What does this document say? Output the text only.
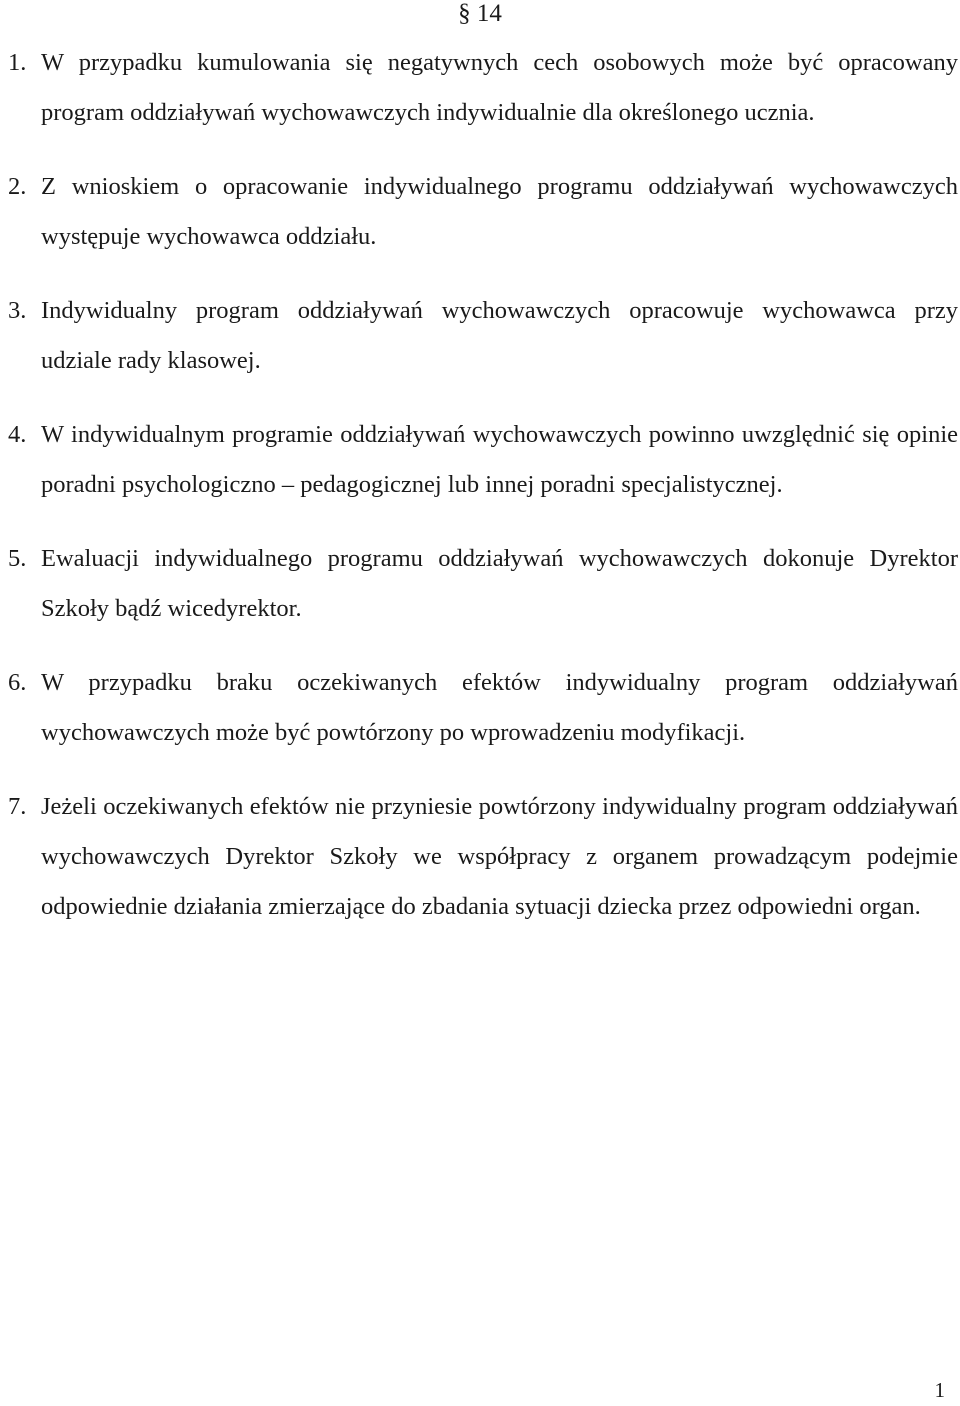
§ 14
1. W przypadku kumulowania się negatywnych cech osobowych może być opracowany program oddziaływań wychowawczych indywidualnie dla określonego ucznia.
2. Z wnioskiem o opracowanie indywidualnego programu oddziaływań wychowawczych występuje wychowawca oddziału.
3. Indywidualny program oddziaływań wychowawczych opracowuje wychowawca przy udziale rady klasowej.
4. W indywidualnym programie oddziaływań wychowawczych powinno uwzględnić się opinie poradni psychologiczno – pedagogicznej lub innej poradni specjalistycznej.
5. Ewaluacji indywidualnego programu oddziaływań wychowawczych dokonuje Dyrektor Szkoły bądź wicedyrektor.
6. W przypadku braku oczekiwanych efektów indywidualny program oddziaływań wychowawczych może być powtórzony po wprowadzeniu modyfikacji.
7. Jeżeli oczekiwanych efektów nie przyniesie powtórzony indywidualny program oddziaływań wychowawczych Dyrektor Szkoły we współpracy z organem prowadzącym podejmie odpowiednie działania zmierzające do zbadania sytuacji dziecka przez odpowiedni organ.

1
